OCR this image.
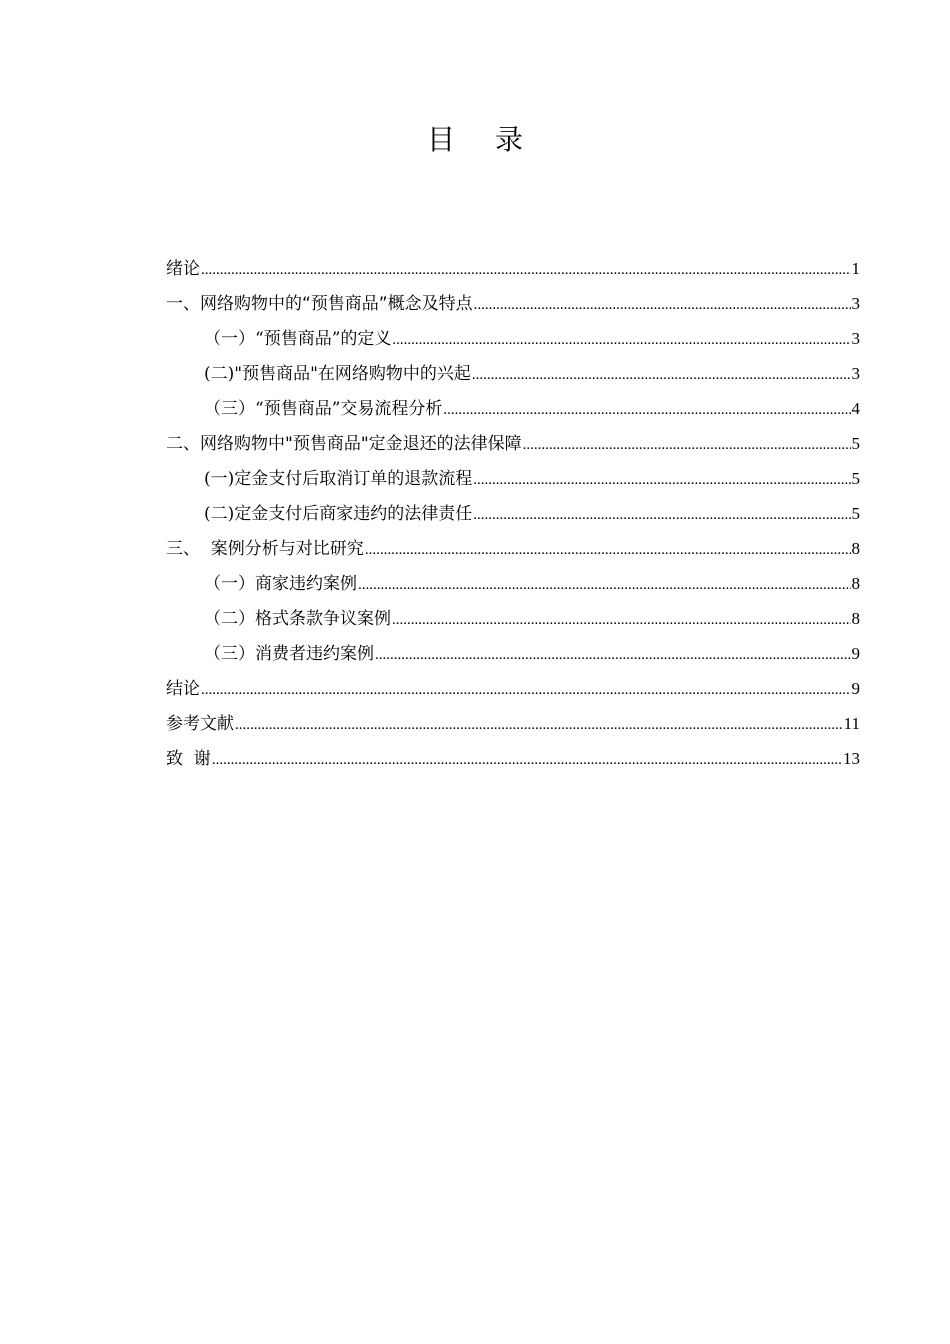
目录
绪论 .....	1
一、网络购物中的“预售商品”概念及特点 .....	3
（一）“预售商品”的定义 .....	3
(二)"预售商品"在网络购物中的兴起 .....	3
（三）“预售商品”交易流程分析 .....	4
二、网络购物中"预售商品"定金退还的法律保障 .....	5
(一)定金支付后取消订单的退款流程 .....	5
(二)定金支付后商家违约的法律责任 .....	5
三、  案例分析与对比研究 .....	8
（一）商家违约案例 .....	8
（二）格式条款争议案例 .....	8
（三）消费者违约案例 .....	9
结论 .....	9
参考文献 .....	11
致  谢 .....	13
